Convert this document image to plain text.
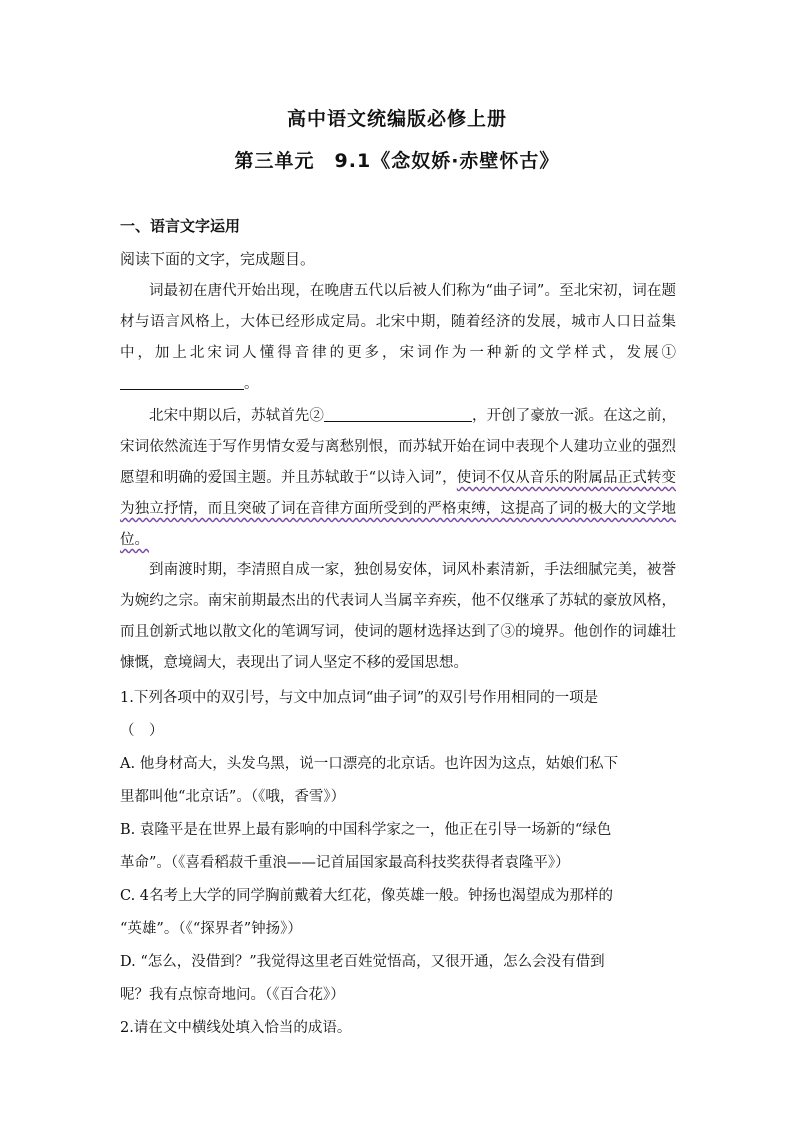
高中语文统编版必修上册
第三单元　9.1《念奴娇·赤壁怀古》
一、语言文字运用
阅读下面的文字，完成题目。

词最初在唐代开始出现，在晚唐五代以后被人们称为“曲子词”。至北宋初，词在题材与语言风格上，大体已经形成定局。北宋中期，随着经济的发展，城市人口日益集中，加上北宋词人懂得音律的更多，宋词作为一种新的文学样式，发展①。

北宋中期以后，苏轼首先②	，开创了豪放一派。在这之前，宋词依然流连于写作男情女爱与离愁别恨，而苏轼开始在词中表现个人建功立业的强烈愿望和明确的爱国主题。并且苏轼敢于“以诗入词”，使词不仅从音乐的附属品正式转变为独立抒情，而且突破了词在音律方面所受到的严格束缚，这提高了词的极大的文学地位。

到南渡时期，李清照自成一家，独创易安体，词风朴素清新，手法细腻完美，被誉为婉约之宗。南宋前期最杰出的代表词人当属辛弃疾，他不仅继承了苏轼的豪放风格，而且创新式地以散文化的笔调写词，使词的题材选择达到了③的境界。他创作的词雄壮慷慨，意境阔大，表现出了词人坚定不移的爱国思想。

1.下列各项中的双引号，与文中加点词“曲子词”的双引号作用相同的一项是
（　）
A. 他身材高大，头发乌黑，说一口漂亮的北京话。也许因为这点，姑娘们私下
里都叫他“北京话”。（《哦，香雪》）
B. 袁隆平是在世界上最有影响的中国科学家之一，他正在引导一场新的“绿色
革命”。（《喜看稻菽千重浪——记首届国家最高科技奖获得者袁隆平》）
C. 4名考上大学的同学胸前戴着大红花，像英雄一般。钟扬也渴望成为那样的
“英雄”。（《“探界者”钟扬》）
D. “怎么，没借到？”我觉得这里老百姓觉悟高，又很开通，怎么会没有借到
呢？我有点惊奇地问。（《百合花》）
2.请在文中横线处填入恰当的成语。
